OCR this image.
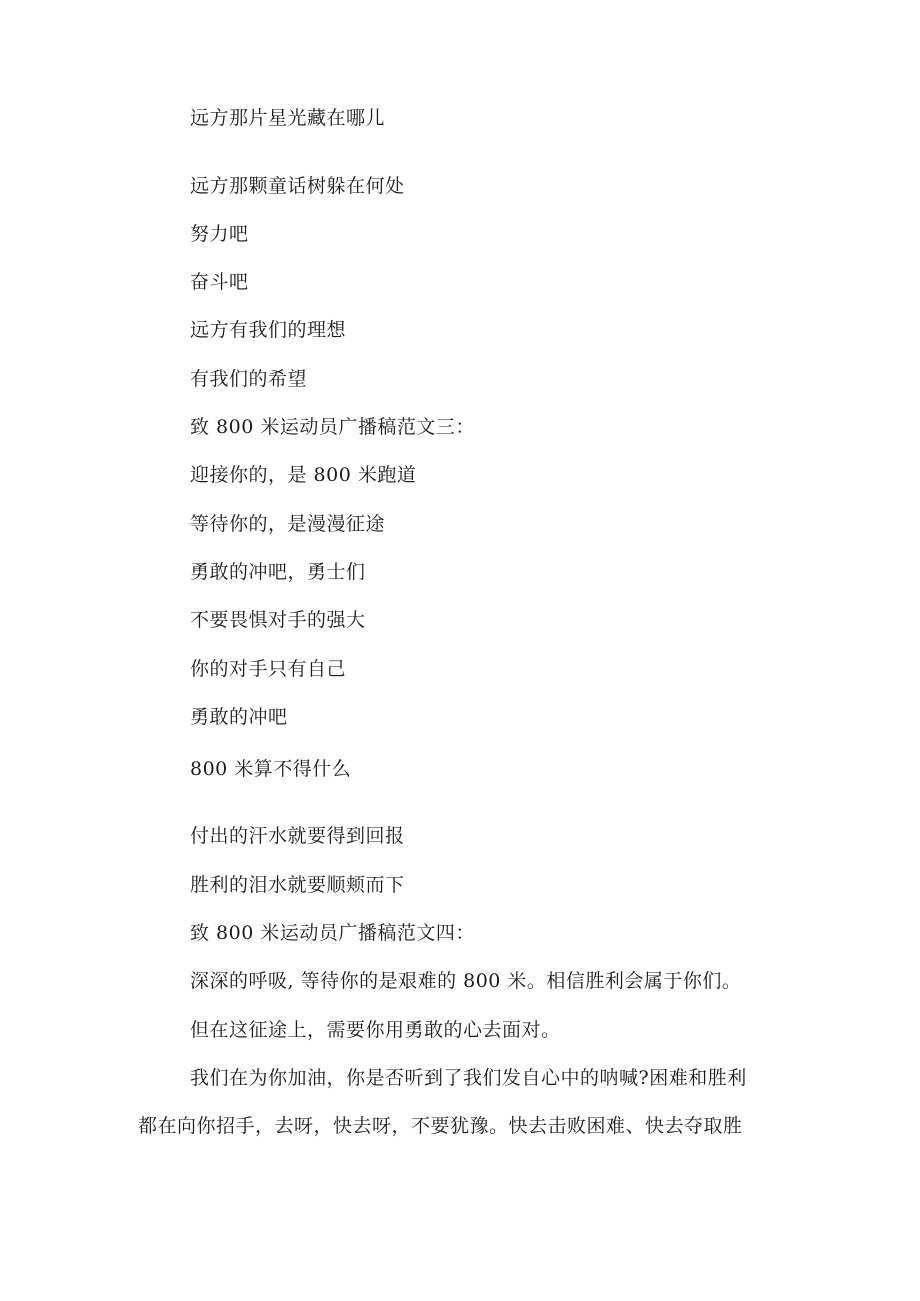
远方那片星光藏在哪儿
远方那颗童话树躲在何处
努力吧
奋斗吧
远方有我们的理想
有我们的希望
致 800 米运动员广播稿范文三：
迎接你的，是 800 米跑道
等待你的，是漫漫征途
勇敢的冲吧，勇士们
不要畏惧对手的强大
你的对手只有自己
勇敢的冲吧
800 米算不得什么
付出的汗水就要得到回报
胜利的泪水就要顺颊而下
致 800 米运动员广播稿范文四：
深深的呼吸, 等待你的是艰难的 800 米。相信胜利会属于你们。
但在这征途上，需要你用勇敢的心去面对。
我们在为你加油，你是否听到了我们发自心中的呐喊?困难和胜利
都在向你招手，去呀，快去呀，不要犹豫。快去击败困难、快去夺取胜
